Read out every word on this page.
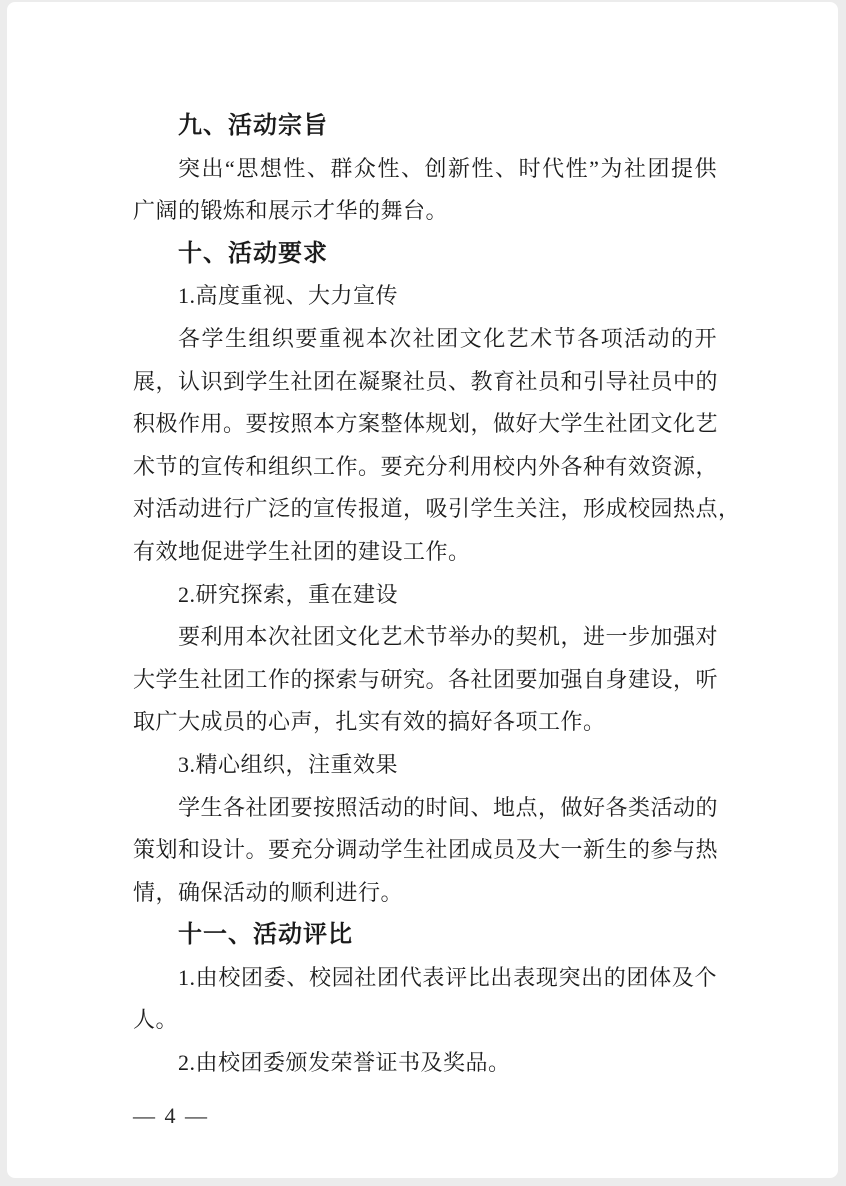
九、活动宗旨
突出“思想性、群众性、创新性、时代性”为社团提供
广阔的锻炼和展示才华的舞台。
十、活动要求
1.高度重视、大力宣传
各学生组织要重视本次社团文化艺术节各项活动的开
展，认识到学生社团在凝聚社员、教育社员和引导社员中的
积极作用。要按照本方案整体规划，做好大学生社团文化艺
术节的宣传和组织工作。要充分利用校内外各种有效资源，
对活动进行广泛的宣传报道，吸引学生关注，形成校园热点，
有效地促进学生社团的建设工作。
2.研究探索，重在建设
要利用本次社团文化艺术节举办的契机，进一步加强对
大学生社团工作的探索与研究。各社团要加强自身建设，听
取广大成员的心声，扎实有效的搞好各项工作。
3.精心组织，注重效果
学生各社团要按照活动的时间、地点，做好各类活动的
策划和设计。要充分调动学生社团成员及大一新生的参与热
情，确保活动的顺利进行。
十一、活动评比
1.由校团委、校园社团代表评比出表现突出的团体及个
人。
2.由校团委颁发荣誉证书及奖品。
— 4 —
